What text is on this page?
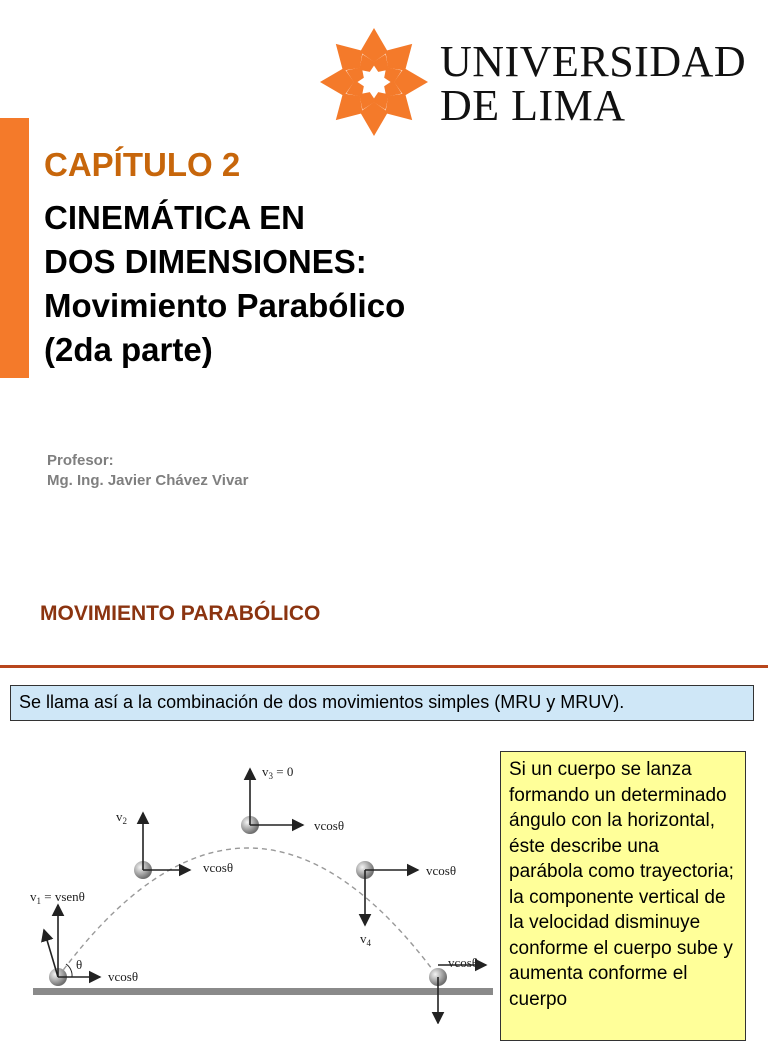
UNIVERSIDAD
DE LIMA
CAPÍTULO 2
CINEMÁTICA EN
DOS DIMENSIONES:
Movimiento Parabólico
(2da parte)
Profesor:
Mg. Ing. Javier Chávez Vivar
MOVIMIENTO PARABÓLICO
Se llama así a la combinación de dos movimientos simples (MRU y MRUV).
θ
vcosθ
$v_1$ = vsenθ
$v_2$
vcosθ
$v_3 = 0$
vcosθ
$v_4$
vcosθ
vcosθ
Si un cuerpo se lanza formando un determinado ángulo con la horizontal, éste describe una parábola como trayectoria; la componente vertical de la velocidad disminuye conforme el cuerpo sube y aumenta conforme el cuerpo
